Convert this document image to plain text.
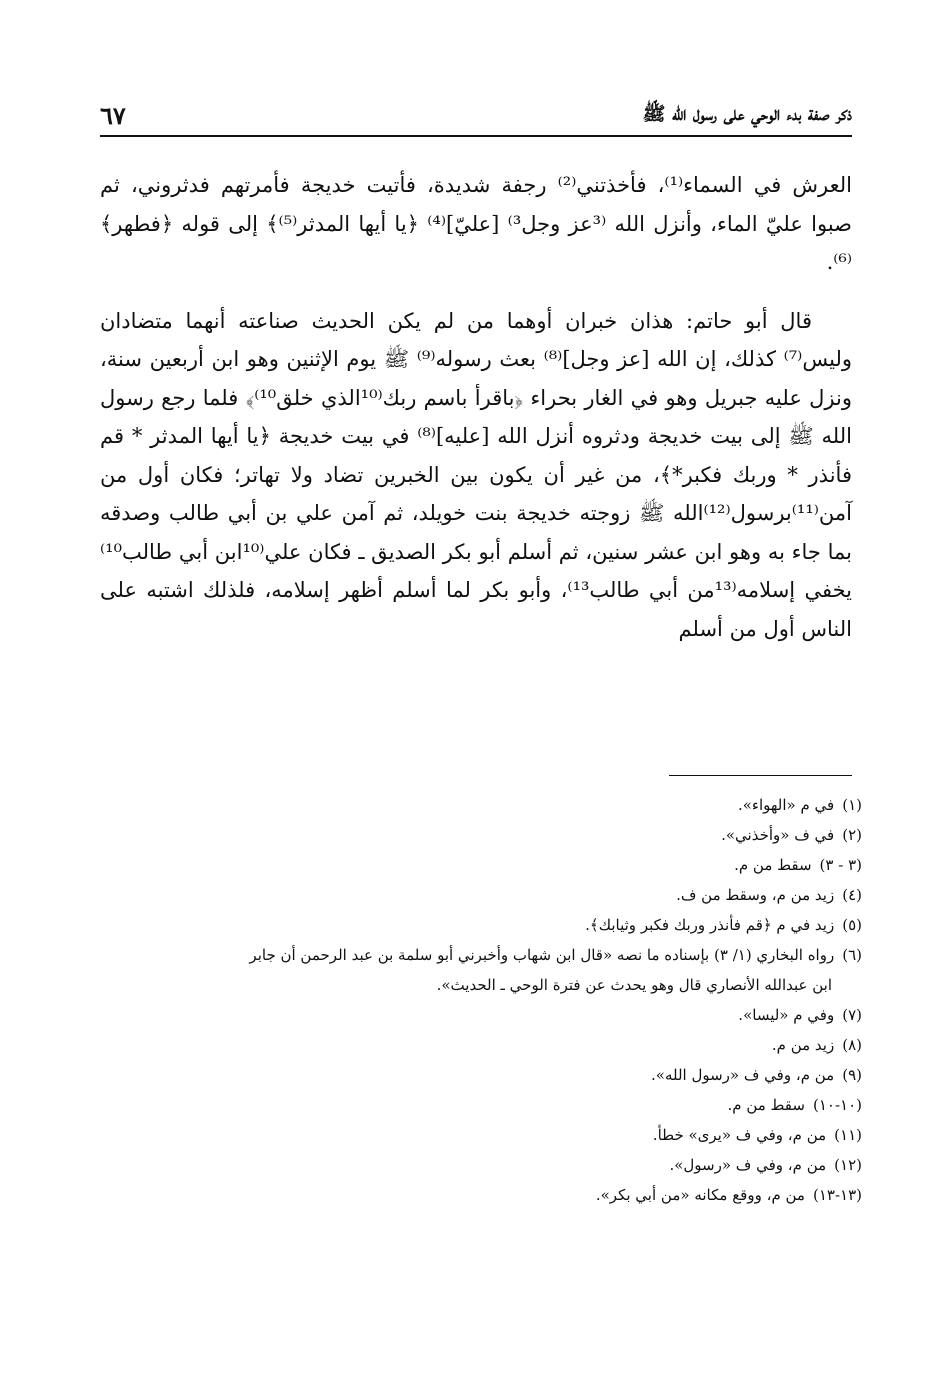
ذكر صفة بدء الوحي على رسول الله ﷺ
٦٧

العرش في السماء⁽¹⁾، فأخذتني⁽²⁾ رجفة شديدة، فأتيت خديجة فأمرتهم فدثروني، ثم صبوا عليّ الماء، وأنزل الله ⁽³عز وجل³⁾ [عليّ]⁽⁴⁾ ﴿يا أيها المدثر⁽⁵⁾﴾ إلى قوله ﴿فطهر﴾⁽⁶⁾.

قال أبو حاتم: هذان خبران أوهما من لم يكن الحديث صناعته أنهما متضادان وليس⁽⁷⁾ كذلك، إن الله [عز وجل]⁽⁸⁾ بعث رسوله⁽⁹⁾ ﷺ يوم الإثنين وهو ابن أربعين سنة، ونزل عليه جبريل وهو في الغار بحراء ﴿باقرأ باسم ربك⁽¹⁰الذي خلق¹⁰⁾﴾ فلما رجع رسول الله ﷺ إلى بيت خديجة ودثروه أنزل الله [عليه]⁽⁸⁾ في بيت خديجة ﴿يا أيها المدثر * قم فأنذر * وربك فكبر*﴾، من غير أن يكون بين الخبرين تضاد ولا تهاتر؛ فكان أول من آمن⁽¹¹⁾برسول⁽¹²⁾الله ﷺ زوجته خديجة بنت خويلد، ثم آمن علي بن أبي طالب وصدقه بما جاء به وهو ابن عشر سنين، ثم أسلم أبو بكر الصديق ـ فكان علي⁽¹⁰ابن أبي طالب¹⁰⁾يخفي إسلامه⁽¹³من أبي طالب¹³⁾، وأبو بكر لما أسلم أظهر إسلامه، فلذلك اشتبه على الناس أول من أسلم

(١)في م «الهواء».
(٢)في ف «وأخذني».
(٣ - ٣)سقط من م.
(٤)زيد من م، وسقط من ف.
(٥)زيد في م ﴿قم فأنذر وربك فكبر وثيابك﴾.
(٦)رواه البخاري (١/ ٣) بإسناده ما نصه «قال ابن شهاب وأخبرني أبو سلمة بن عبد الرحمن أن جابر
ابن عبدالله الأنصاري قال وهو يحدث عن فترة الوحي ـ الحديث».
(٧)وفي م «ليسا».
(٨)زيد من م.
(٩)من م، وفي ف «رسول الله».
(١٠-١٠)سقط من م.
(١١)من م، وفي ف «يرى» خطأ.
(١٢)من م، وفي ف «رسول».
(١٣-١٣)من م، ووقع مكانه «من أبي بكر».
